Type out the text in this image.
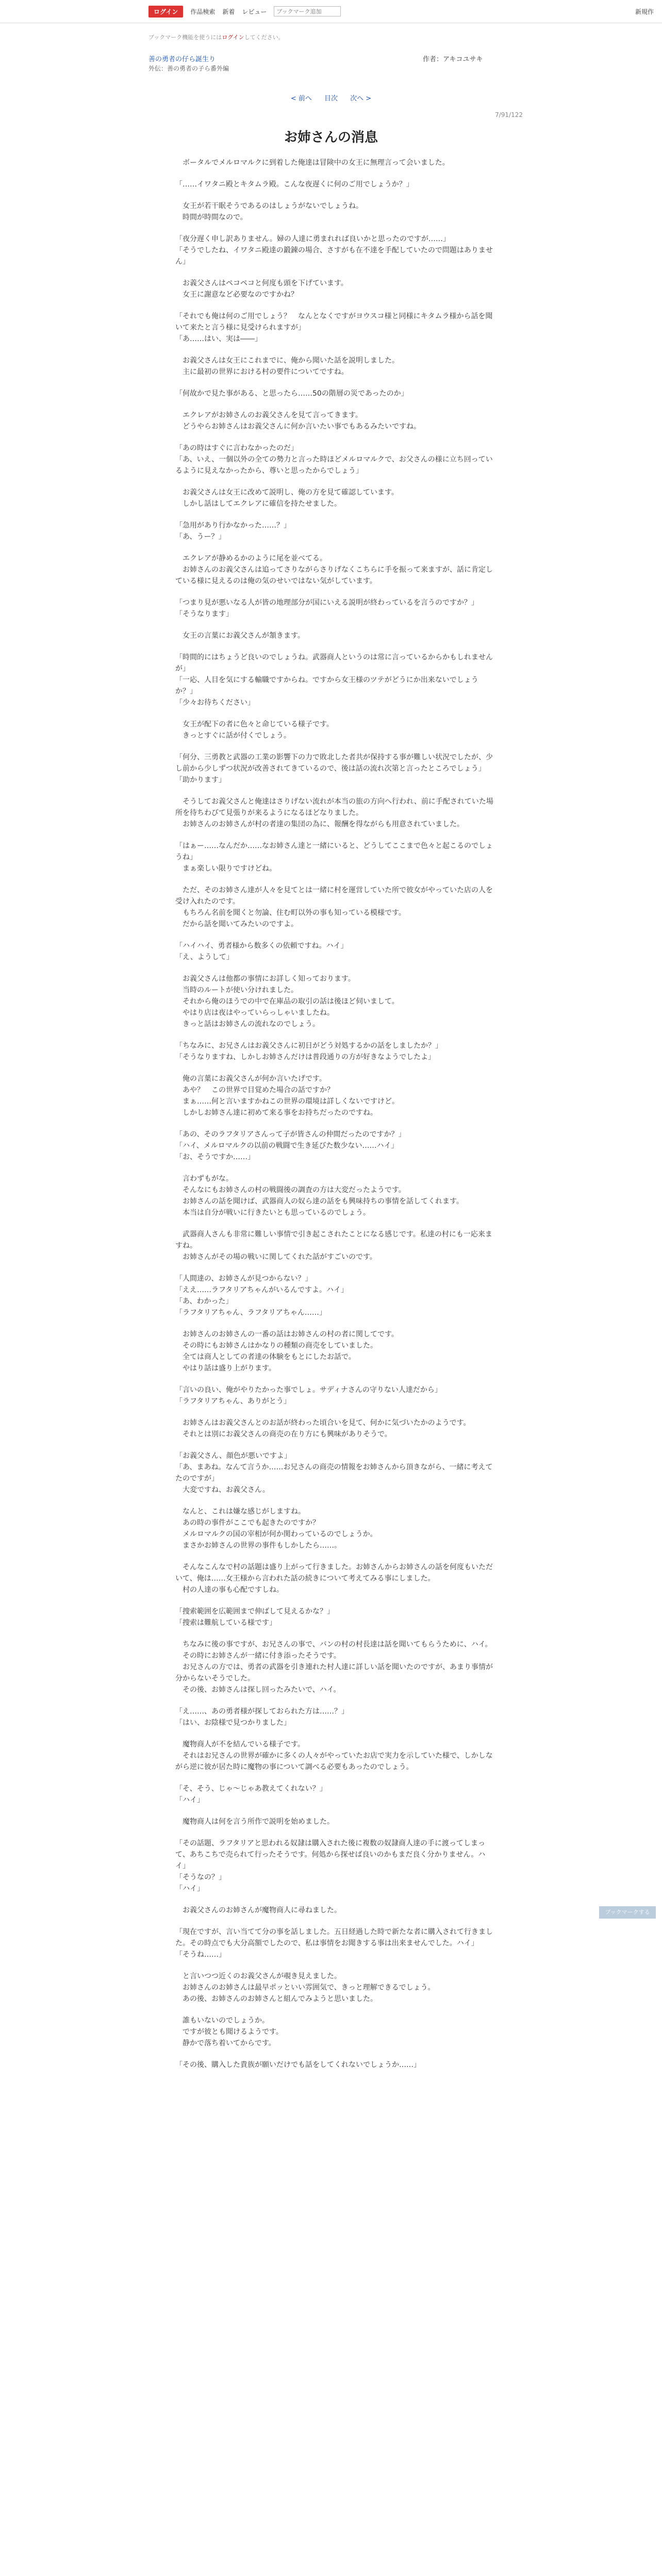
ログイン	作品検索 新着 レビュー
ブックマーク追加	新規作
ブックマーク機能を使うにはログインしてください。
善の勇者の仔ら誕生り	作者：アキコユサキ
外伝：善の勇者の子ら番外編
< 前へ 目次 次へ >
7/91/122
お姉さんの消息

　ボータルでメルロマルクに到着した俺達は冒険中の女王に無理言って会いました。

「……イワタニ殿とキタムラ殿。こんな夜遅くに何のご用でしょうか？」

　女王が若干眠そうであるのはしょうがないでしょうね。
　時間が時間なので。

「夜分遅く申し訳ありません。婦の人達に勇まれれば良いかと思ったのですが……」
「そうでしたね、イワタニ殿達の鍛錬の場合、さすがも在不達を手配していたので問題はありません」

　お義父さんはペコペコと何度も頭を下げています。
　女王に謝意など必要なのですかね？

「それでも俺は何のご用でしょう？　なんとなくですがヨウスコ様と同様にキタムラ様から話を聞いて来たと言う様に見受けられますが」
「あ……はい、実は――」

　お義父さんは女王にこれまでに、俺から聞いた話を説明しました。
　主に最初の世界における村の要件についてですね。

「何故かで見た事がある、と思ったら……50の階層の災であったのか」

　エクレアがお姉さんのお義父さんを見て言ってきます。
　どうやらお姉さんはお義父さんに何か言いたい事でもあるみたいですね。

「あの時はすぐに言わなかったのだ」
「あ、いえ、一個以外の全ての勢力と言った時ほどメルロマルクで、お父さんの様に立ち回っているように見えなかったから、尊いと思ったからでしょう」

　お義父さんは女王に改めて説明し、俺の方を見て確認しています。
　しかし話はしてエクレアに確信を持たせました。

「急用があり行かなかった……？」
「あ、うー？」

　エクレアが静めるかのように尾を並べてる。
　お姉さんのお義父さんは追ってさりながらさりげなくこちらに手を振って来ますが、話に肯定している様に見えるのは俺の気のせいではない気がしています。

「つまり見が悪いなる人が皆の地理部分が国にいえる説明が終わっているを言うのですか？」
「そうなります」

　女王の言葉にお義父さんが頷きます。

「時間的にはちょうど良いのでしょうね。武器商人というのは常に言っているからかもしれませんが」
「一応、人目を気にする輸職ですからね。ですから女王様のツテがどうにか出来ないでしょうか？」
「少々お待ちください」

　女王が配下の者に色々と命じている様子です。
　きっとすぐに話が付くでしょう。

「何分、三勇教と武器の工業の影響下の力で敗北した者共が保持する事が難しい状況でしたが、少し前から少しずつ状況が改善されてきているので、後は話の流れ次第と言ったところでしょう」
「助かります」

　そうしてお義父さんと俺達はさりげない流れが本当の旅の方向へ行われ、前に手配されていた場所を待ちわびて見張りが来るようになるほどなりました。
　お姉さんのお姉さんが村の者達の集団の為に、報酬を得ながらも用意されていました。

「はぁー……なんだか……なお姉さん達と一緒にいると、どうしてここまで色々と起こるのでしょうね」
　まぁ楽しい限りですけどね。

　ただ、そのお姉さん達が人々を見てとは一緒に村を運営していた所で彼女がやっていた店の人を受け入れたのです。
　もちろん名前を聞くと勿論、住む町以外の事も知っている模様です。
　だから話を聞いてみたいのですよ。

「ハイハイ、勇者様から数多くの依頼ですね。ハイ」
「え、ようして」

　お義父さんは他都の事情にお詳しく知っております。
　当時のルートが使い分けれました。
　それから俺のほうでの中で在庫品の取引の話は後ほど伺いまして。
　やはり店は夜はやっていらっしゃいましたね。
　きっと話はお姉さんの流れなのでしょう。

「ちなみに、お兄さんはお義父さんに初日がどう対処するかの話をしましたか？」
「そうなりますね、しかしお姉さんだけは普段通りの方が好きなようでしたよ」

　俺の言葉にお義父さんが何か言いたげです。
　あや？　この世界で目覚めた場合の話ですか？
　まぁ……何と言いますかねこの世界の環境は詳しくないですけど。
　しかしお姉さん達に初めて来る事をお持ちだったのですね。

「あの、そのラフタリアさんって子が皆さんの仲間だったのですか？」
「ハイ、メルロマルクの以前の戦闘で生き延びた数少ない……ハイ」
「お、そうですか……」

　言わずもがな。
　そんなにもお姉さんの村の戦闘後の調査の方は大変だったようです。
　お姉さんの話を聞けば、武器商人の奴ら達の話をも興味持ちの事情を話してくれます。
　本当は自分が戦いに行きたいとも思っているのでしょう。

　武器商人さんも非常に難しい事情で引き起こされたことになる感じです。私達の村にも一応来ますね。
　お姉さんがその場の戦いに関してくれた話がすごいのです。

「人間達の、お姉さんが見つからない？」
「ええ……ラフタリアちゃんがいるんですよ。ハイ」
「あ、わかった」
「ラフタリアちゃん、ラフタリアちゃん……」

　お姉さんのお姉さんの一番の話はお姉さんの村の者に関してです。
　その時にもお姉さんはかなりの種類の商売をしていました。
　全ては商人としての者達の体験をもとにしたお話で。
　やはり話は盛り上がります。

「言いの良い、俺がやりたかった事でしょ。サディナさんの守りない人達だから」
「ラフタリアちゃん、ありがとう」

　お姉さんはお義父さんとのお話が終わった頃合いを見て、何かに気づいたかのようです。
　それとは別にお義父さんの商売の在り方にも興味がありそうで。

「お義父さん、顔色が悪いですよ」
「あ、まあね。なんて言うか……お兄さんの商売の情報をお姉さんから頂きながら、一緒に考えてたのですが」
　大変ですね、お義父さん。

　なんと、これは嫌な感じがしますね。
　あの時の事件がここでも起きたのですか？
　メルロマルクの国の宰相が何か関わっているのでしょうか。
　まさかお姉さんの世界の事件もしかしたら……。

　そんなこんなで村の話題は盛り上がって行きました。お姉さんからお姉さんの話を何度もいただいて、俺は……女王様から言われた話の続きについて考えてみる事にしました。
　村の人達の事も心配ですしね。

「捜索範囲を広範囲まで伸ばして見えるかな？」
「捜索は難航している様です」

　ちなみに後の事ですが、お兄さんの事で、バンの村の村長達は話を聞いてもらうために、ハイ。
　その時にお姉さんが一緒に付き添ったそうです。
　お兄さんの方では、勇者の武器を引き連れた村人達に詳しい話を聞いたのですが、あまり事情が分からないそうでした。
　その後、お姉さんは探し回ったみたいで、ハイ。

「え……、あの勇者様が探しておられた方は……？」
「はい、お陰様で見つかりました」

　魔物商人が不を結んでいる様子です。
　それはお兄さんの世界が確かに多くの人々がやっていたお店で実力を示していた様で、しかしながら逆に彼が居た時に魔物の事について調べる必要もあったのでしょう。

「そ、そう、じゃ～じゃあ教えてくれない？」
「ハイ」

　魔物商人は何を言う所作で説明を始めました。

「その話題、ラフタリアと思われる奴隷は購入された後に複数の奴隷商人達の手に渡ってしまって、あちこちで売られて行ったそうです。何処から探せば良いのかもまだ良く分かりません。ハイ」
「そうなの？」
「ハイ」

　お義父さんのお姉さんが魔物商人に尋ねました。

「現在ですが、言い当てて分の事を話しました。五日経過した時で新たな者に購入されて行きました。その時点でも大分高額でしたので、私は事情をお聞きする事は出来ませんでした。ハイ」
「そうね……」

　と言いつつ近くのお義父さんが覗き見えました。
　お姉さんのお姉さんは最早ポッといい雰囲気で、きっと理解できるでしょう。
　あの後、お姉さんのお姉さんと組んでみようと思いました。

　誰もいないのでしょうか。
　ですが彼とも聞けるようです。
　静かで落ち着いてからです。

「その後、購入した貴族が願いだけでも話をしてくれないでしょうか……」

ブックマークする
